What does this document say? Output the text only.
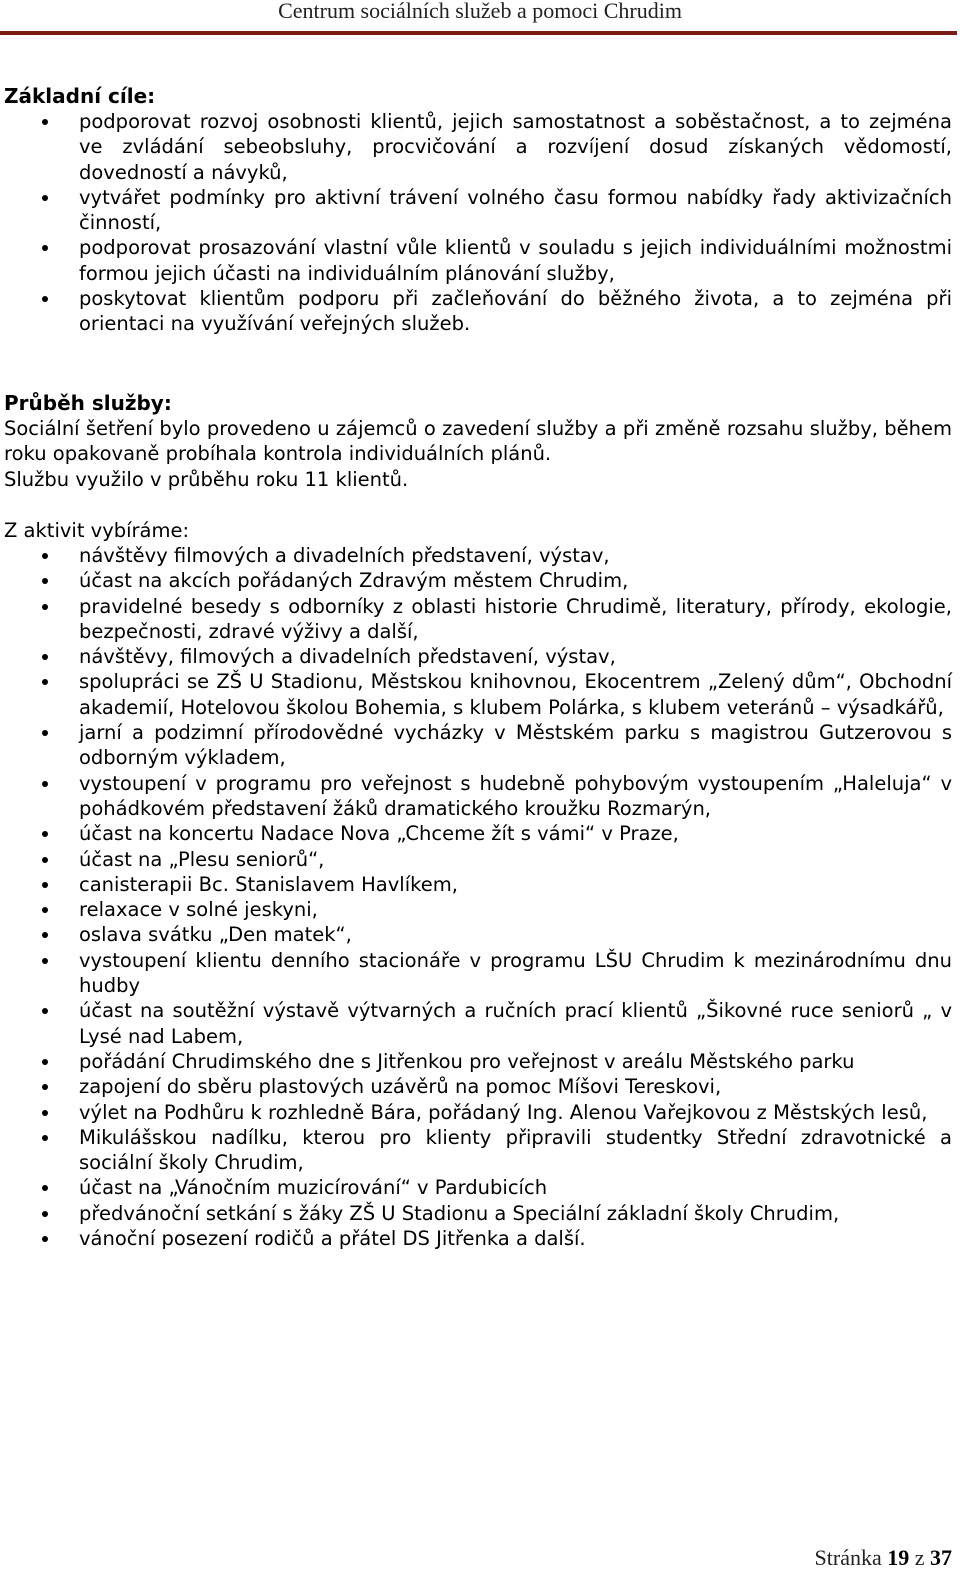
Centrum sociálních služeb a pomoci Chrudim
Základní cíle:
podporovat rozvoj osobnosti klientů, jejich samostatnost a soběstačnost, a to zejména ve zvládání sebeobsluhy, procvičování a rozvíjení dosud získaných vědomostí, dovedností a návyků,
vytvářet podmínky pro aktivní trávení volného času formou nabídky řady aktivizačních činností,
podporovat prosazování vlastní vůle klientů v souladu s jejich individuálními možnostmi formou jejich účasti na individuálním plánování služby,
poskytovat klientům podporu při začleňování do běžného života, a to zejména při orientaci na využívání veřejných služeb.
Průběh služby:
Sociální šetření bylo provedeno u zájemců o zavedení služby a při změně rozsahu služby, během roku opakovaně probíhala kontrola individuálních plánů.
Službu využilo v průběhu roku 11 klientů.
Z aktivit vybíráme:
návštěvy filmových a divadelních představení, výstav,
účast na akcích pořádaných Zdravým městem Chrudim,
pravidelné besedy s odborníky z oblasti historie Chrudimě, literatury, přírody, ekologie, bezpečnosti, zdravé výživy a další,
návštěvy, filmových a divadelních představení, výstav,
spolupráci se ZŠ U Stadionu, Městskou knihovnou, Ekocentrem „Zelený dům“, Obchodní akademií, Hotelovou školou Bohemia, s klubem Polárka, s klubem veteránů – výsadkářů,
jarní a podzimní přírodovědné vycházky v Městském parku s magistrou Gutzerovou s odborným výkladem,
vystoupení v programu pro veřejnost s hudebně pohybovým vystoupením „Haleluja“ v pohádkovém představení žáků dramatického kroužku Rozmarýn,
účast na koncertu Nadace Nova „Chceme žít s vámi“ v Praze,
účast na „Plesu seniorů“,
canisterapii Bc. Stanislavem Havlíkem,
relaxace v solné jeskyni,
oslava svátku „Den matek“,
vystoupení klientu denního stacionáře v programu LŠU Chrudim k mezinárodnímu dnu hudby
účast na soutěžní výstavě výtvarných a ručních prací klientů „Šikovné ruce seniorů „ v Lysé nad Labem,
pořádání Chrudimského dne s Jitřenkou pro veřejnost v areálu Městského parku
zapojení do sběru plastových uzávěrů na pomoc Míšovi Tereskovi,
výlet na Podhůru k rozhledně Bára, pořádaný Ing. Alenou Vařejkovou z Městských lesů,
Mikulášskou nadílku, kterou pro klienty připravili studentky Střední zdravotnické a sociální školy Chrudim,
účast na „Vánočním muzicírování“ v Pardubicích
předvánoční setkání s žáky ZŠ U Stadionu a Speciální základní školy Chrudim,
vánoční posezení rodičů a přátel DS Jitřenka a další.
Stránka 19 z 37
